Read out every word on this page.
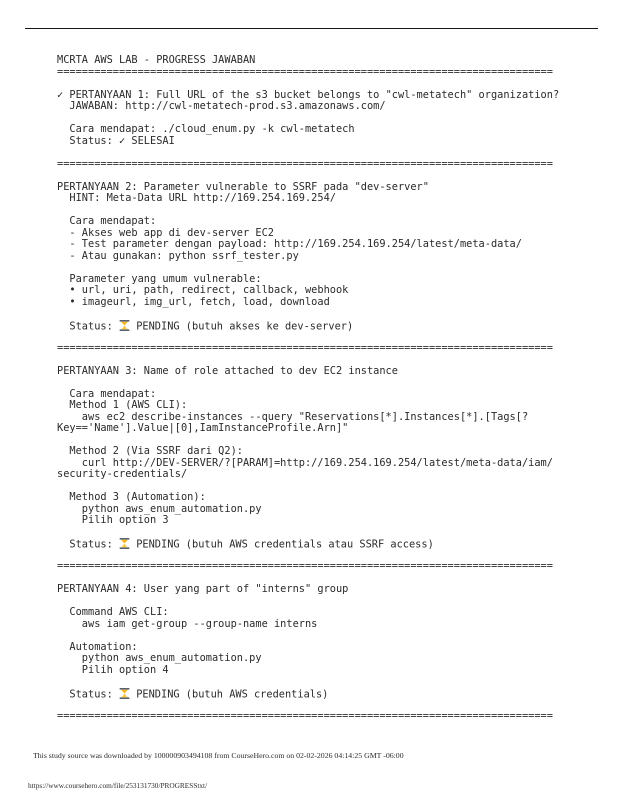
MCRTA AWS LAB - PROGRESS JAWABAN
================================================================================
✓ PERTANYAAN 1: Full URL of the s3 bucket belongs to "cwl-metatech" organization?
JAWABAN: http://cwl-metatech-prod.s3.amazonaws.com/
Cara mendapat: ./cloud_enum.py -k cwl-metatech
Status: ✓ SELESAI
================================================================================
PERTANYAAN 2: Parameter vulnerable to SSRF pada "dev-server"
HINT: Meta-Data URL http://169.254.169.254/
Cara mendapat:
- Akses web app di dev-server EC2
- Test parameter dengan payload: http://169.254.169.254/latest/meta-data/
- Atau gunakan: python ssrf_tester.py
Parameter yang umum vulnerable:
• url, uri, path, redirect, callback, webhook
• imageurl, img_url, fetch, load, download
Status:
PENDING (butuh akses ke dev-server)
================================================================================
PERTANYAAN 3: Name of role attached to dev EC2 instance
Cara mendapat:
Method 1 (AWS CLI):
aws ec2 describe-instances --query "Reservations[*].Instances[*].[Tags[?
Key=='Name'].Value|[0],IamInstanceProfile.Arn]"
Method 2 (Via SSRF dari Q2):
curl http://DEV-SERVER/?[PARAM]=http://169.254.169.254/latest/meta-data/iam/
security-credentials/
Method 3 (Automation):
python aws_enum_automation.py
Pilih option 3
Status:
PENDING (butuh AWS credentials atau SSRF access)
================================================================================
PERTANYAAN 4: User yang part of "interns" group
Command AWS CLI:
aws iam get-group --group-name interns
Automation:
python aws_enum_automation.py
Pilih option 4
Status:
PENDING (butuh AWS credentials)
================================================================================
This study source was downloaded by 100000903494108 from CourseHero.com on 02-02-2026 04:14:25 GMT -06:00
https://www.coursehero.com/file/253131730/PROGRESStxt/
